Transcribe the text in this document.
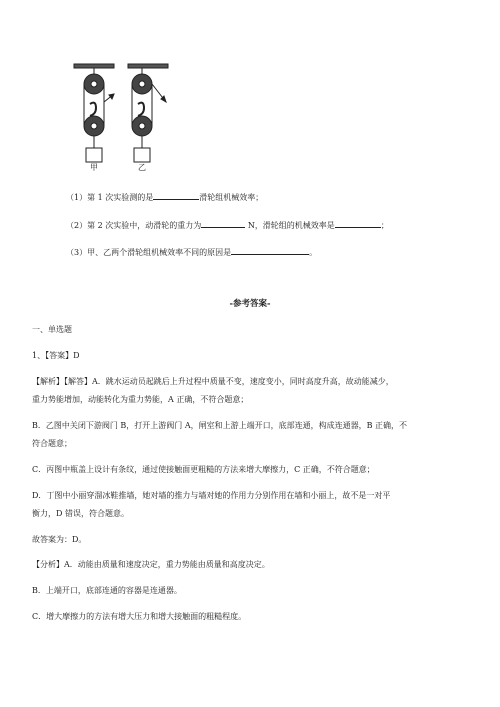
甲	乙
（1）第 1 次实验测的是	滑轮组机械效率；
（2）第 2 次实验中，动滑轮的重力为	N，滑轮组的机械效率是	；
（3）甲、乙两个滑轮组机械效率不同的原因是	。
-参考答案-
一、单选题
1、【答案】D
【解析】【解答】A．跳水运动员起跳后上升过程中质量不变，速度变小，同时高度升高，故动能减少，
重力势能增加，动能转化为重力势能，A 正确，不符合题意；
B．乙图中关闭下游阀门 B，打开上游阀门 A，闸室和上游上端开口，底部连通，构成连通器，B 正确，不
符合题意；
C．丙图中瓶盖上设计有条纹，通过使接触面更粗糙的方法来增大摩擦力，C 正确，不符合题意；
D．丁图中小丽穿溜冰鞋推墙，她对墙的推力与墙对她的作用力分别作用在墙和小丽上，故不是一对平
衡力，D 错误，符合题意。
故答案为：D。
【分析】A．动能由质量和速度决定，重力势能由质量和高度决定。
B．上端开口，底部连通的容器是连通器。
C．增大摩擦力的方法有增大压力和增大接触面的粗糙程度。
